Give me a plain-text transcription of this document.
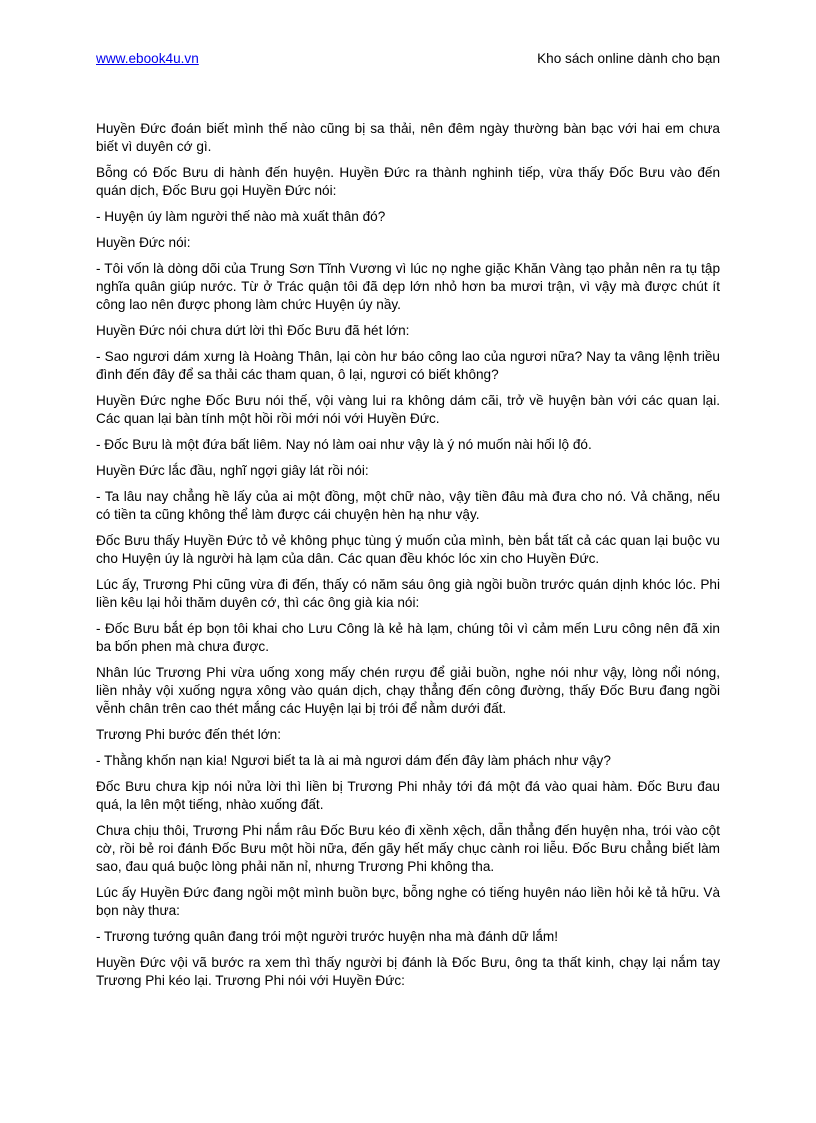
www.ebook4u.vn	Kho sách online dành cho bạn

Huyền Đức đoán biết mình thế nào cũng bị sa thải, nên đêm ngày thường bàn bạc với hai em chưa biết vì duyên cớ gì.

Bỗng có Đốc Bưu di hành đến huyện. Huyền Đức ra thành nghinh tiếp, vừa thấy Đốc Bưu vào đến quán dịch, Đốc Bưu gọi Huyền Đức nói:

- Huyện úy làm người thế nào mà xuất thân đó?

Huyền Đức nói:

- Tôi vốn là dòng dõi của Trung Sơn Tĩnh Vương vì lúc nọ nghe giặc Khăn Vàng tạo phản nên ra tụ tập nghĩa quân giúp nước. Từ ở Trác quận tôi đã dẹp lớn nhỏ hơn ba mươi trận, vì vậy mà được chút ít công lao nên được phong làm chức Huyện úy nầy.

Huyền Đức nói chưa dứt lời thì Đốc Bưu đã hét lớn:

- Sao ngươi dám xưng là Hoàng Thân, lại còn hư báo công lao của ngươi nữa? Nay ta vâng lệnh triều đình đến đây để sa thải các tham quan, ô lại, ngươi có biết không?

Huyền Đức nghe Đốc Bưu nói thế, vội vàng lui ra không dám cãi, trở về huyện bàn với các quan lại. Các quan lại bàn tính một hồi rồi mới nói với Huyền Đức.

- Đốc Bưu là một đứa bất liêm. Nay nó làm oai như vậy là ý nó muốn nài hối lộ đó.

Huyền Đức lắc đầu, nghĩ ngợi giây lát rồi nói:

- Ta lâu nay chẳng hề lấy của ai một đồng, một chữ nào, vậy tiền đâu mà đưa cho nó. Vả chăng, nếu có tiền ta cũng không thể làm được cái chuyện hèn hạ như vậy.

Đốc Bưu thấy Huyền Đức tỏ vẻ không phục tùng ý muốn của mình, bèn bắt tất cả các quan lại buộc vu cho Huyện úy là người hà lạm của dân. Các quan đều khóc lóc xin cho Huyền Đức.

Lúc ấy, Trương Phi cũng vừa đi đến, thấy có năm sáu ông già ngồi buồn trước quán dịnh khóc lóc. Phi liền kêu lại hỏi thăm duyên cớ, thì các ông già kia nói:

- Đốc Bưu bắt ép bọn tôi khai cho Lưu Công là kẻ hà lạm, chúng tôi vì cảm mến Lưu công nên đã xin ba bốn phen mà chưa được.

Nhân lúc Trương Phi vừa uống xong mấy chén rượu để giải buồn, nghe nói như vậy, lòng nổi nóng, liền nhảy vội xuống ngựa xông vào quán dịch, chạy thẳng đến công đường, thấy Đốc Bưu đang ngồi vễnh chân trên cao thét mắng các Huyện lại bị trói để nằm dưới đất.

Trương Phi bước đến thét lớn:

- Thằng khốn nạn kia! Ngươi biết ta là ai mà ngươi dám đến đây làm phách như vậy?

Đốc Bưu chưa kịp nói nửa lời thì liền bị Trương Phi nhảy tới đá một đá vào quai hàm. Đốc Bưu đau quá, la lên một tiếng, nhào xuống đất.

Chưa chịu thôi, Trương Phi nắm râu Đốc Bưu kéo đi xềnh xệch, dẫn thẳng đến huyện nha, trói vào cột cờ, rồi bẻ roi đánh Đốc Bưu một hồi nữa, đến gãy hết mấy chục cành roi liễu. Đốc Bưu chẳng biết làm sao, đau quá buộc lòng phải năn nỉ, nhưng Trương Phi không tha.

Lúc ấy Huyền Đức đang ngồi một mình buồn bực, bỗng nghe có tiếng huyên náo liền hỏi kẻ tả hữu. Và bọn này thưa:

- Trương tướng quân đang trói một người trước huyện nha mà đánh dữ lắm!

Huyền Đức vội vã bước ra xem thì thấy người bị đánh là Đốc Bưu, ông ta thất kinh, chạy lại nắm tay Trương Phi kéo lại. Trương Phi nói với Huyền Đức:
